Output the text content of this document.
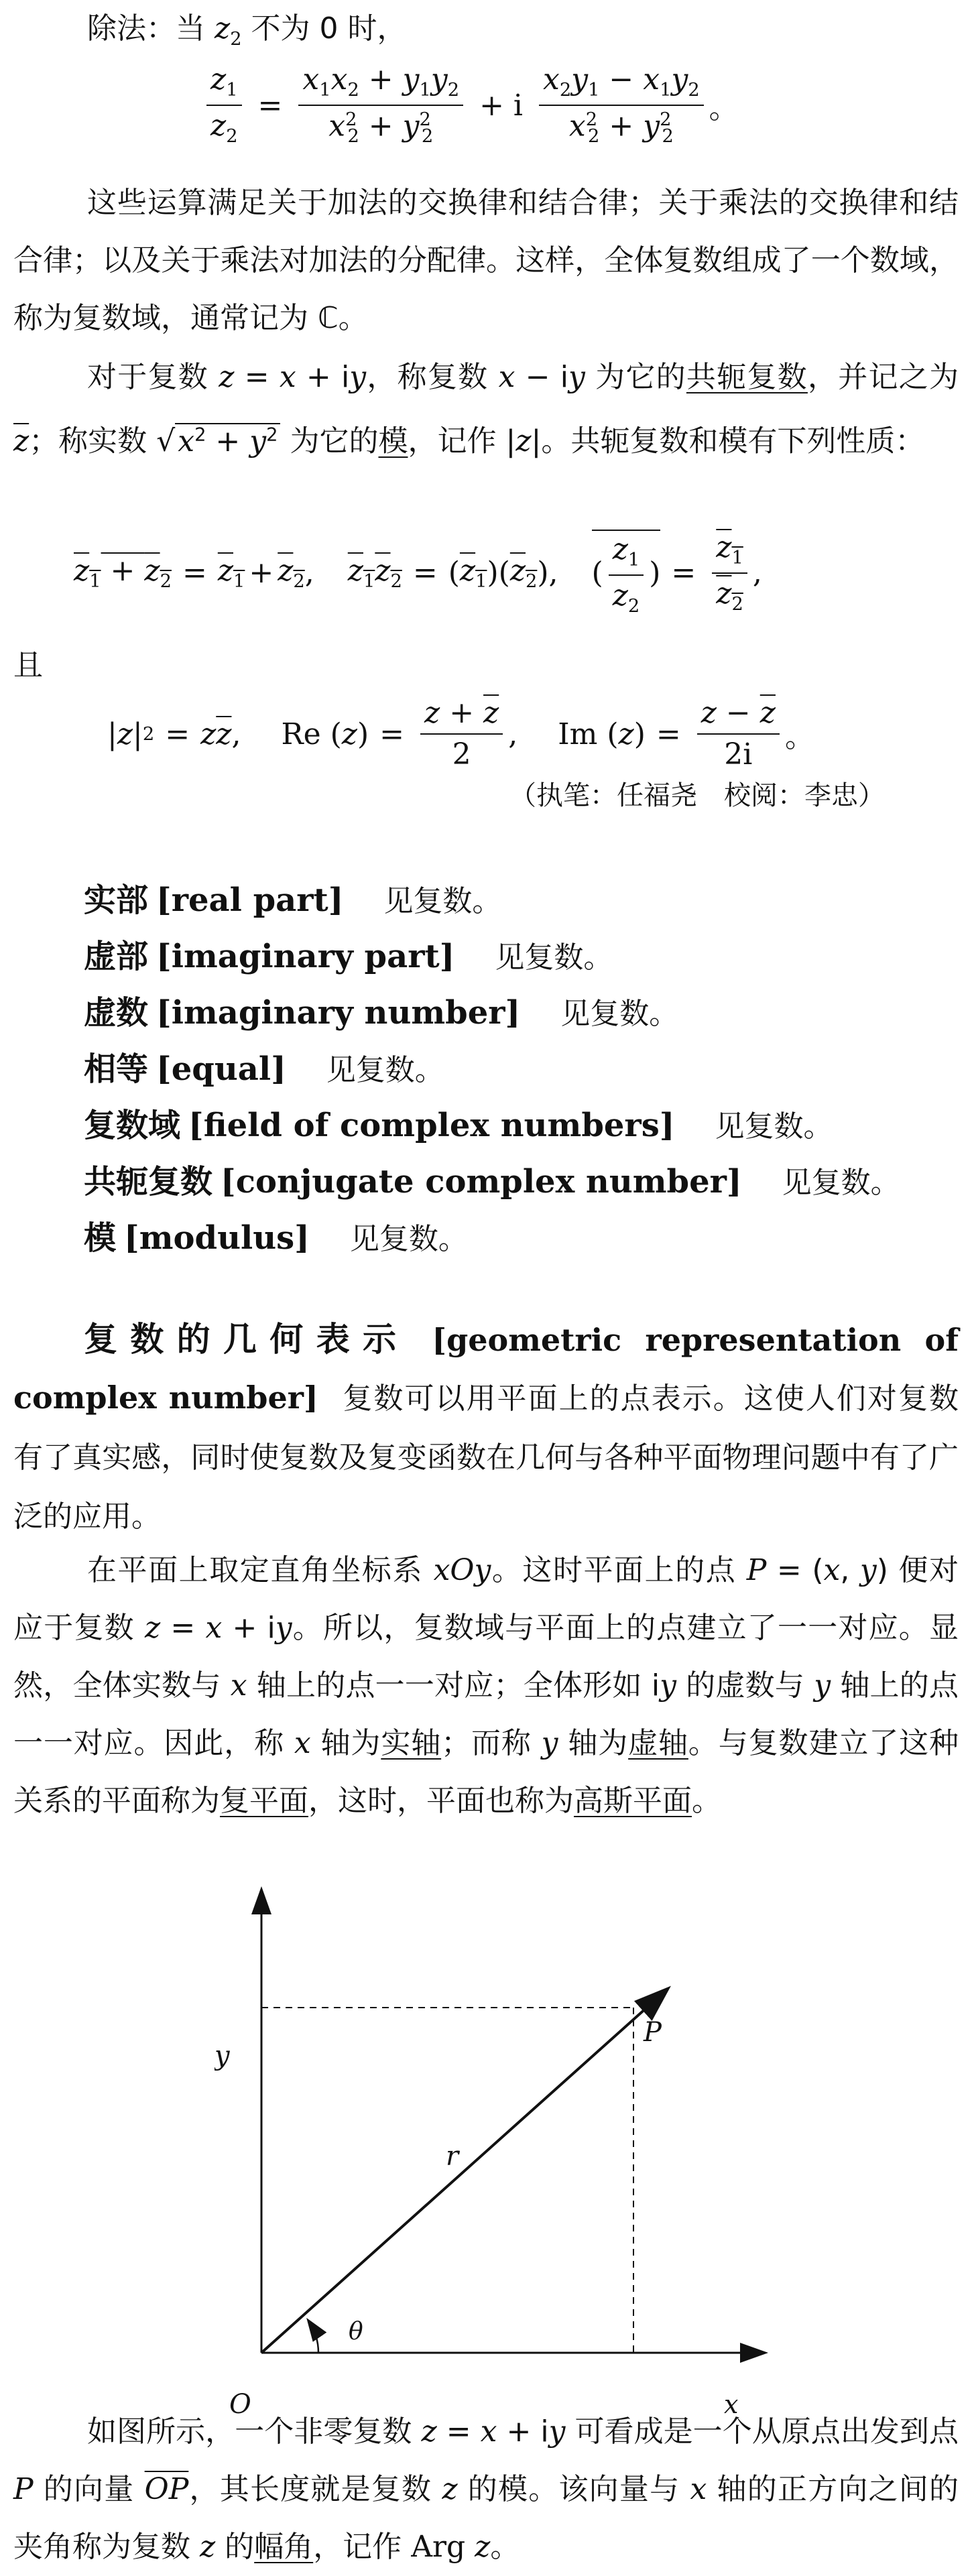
除法：当 $z_2$ 不为 0 时，
$\frac{z_1}{z_2} = \frac{x_1x_2 + y_1y_2}{x^2_2 + y^2_2} + i \frac{x_2y_1 - x_1y_2}{x^2_2 + y^2_2}$ 。
这些运算满足关于加法的交换律和结合律；关于乘法的交换律和结合律；以及关于乘法对加法的分配律。这样，全体复数组成了一个数域，称为复数域，通常记为 ℂ。
对于复数 z = x + iy，称复数 x − iy 为它的共轭复数，并记之为 $\overline{z}$；称实数 $√x^2 + y^2$ 为它的模，记作 |z|。共轭复数和模有下列性质：
$z_1 + z_2 = z_1 + z_2$ , $z_1z_2$ = ( $z_1$ )( $z_2$ ), ( $\frac{z_1}{z_2}$ ) = $\frac{z_1}{z_2}$ ,
且
| z | 2 = z $\overline{z}$ , Re ( z ) = $\frac{z + \overline{z}}{2}$ , Im ( z ) = $\frac{z - \overline{z}}{2i}$ 。
（执笔：任福尧　校阅：李忠）
实部 [real part] 见复数。
虚部 [imaginary part] 见复数。
虚数 [imaginary number] 见复数。
相等 [equal] 见复数。
复数域 [field of complex numbers] 见复数。
共轭复数 [conjugate complex number] 见复数。
模 [modulus] 见复数。
复数的几何表示 [geometric representation of complex number] 复数可以用平面上的点表示。这使人们对复数有了真实感，同时使复数及复变函数在几何与各种平面物理问题中有了广泛的应用。
在平面上取定直角坐标系 xOy。这时平面上的点 P = (x, y) 便对应于复数 z = x + iy。所以，复数域与平面上的点建立了一一对应。显然，全体实数与 x 轴上的点一一对应；全体形如 iy 的虚数与 y 轴上的点一一对应。因此，称 x 轴为实轴；而称 y 轴为虚轴。与复数建立了这种关系的平面称为复平面，这时，平面也称为高斯平面。
y
x
O
P
r
θ
如图所示，一个非零复数 z = x + iy 可看成是一个从原点出发到点 P 的向量 $\overline{OP}$，其长度就是复数 z 的模。该向量与 x 轴的正方向之间的夹角称为复数 z 的幅角，记作 Arg z。
